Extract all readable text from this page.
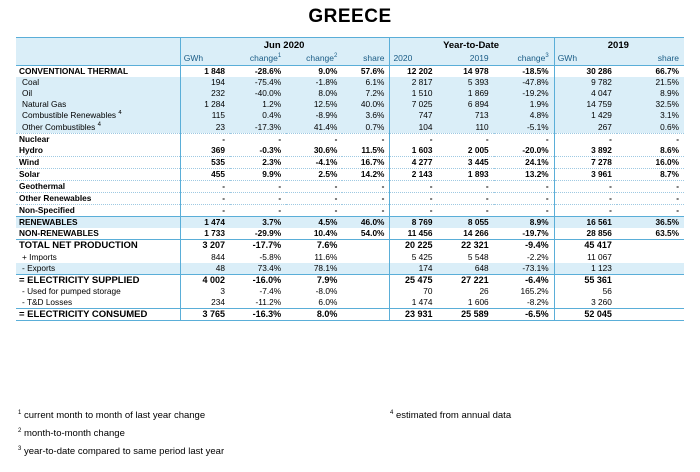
GREECE
	Jun 2020				Year-to-Date			2019	
	GWh	change$^1$	change$^2$	share	2020	2019	change$^3$	GWh	share
CONVENTIONAL THERMAL	1 848	-28.6%	9.0%	57.6%	12 202	14 978	-18.5%	30 286	66.7%
Coal	194	-75.4%	-1.8%	6.1%	2 817	5 393	-47.8%	9 782	21.5%
Oil	232	-40.0%	8.0%	7.2%	1 510	1 869	-19.2%	4 047	8.9%
Natural Gas	1 284	1.2%	12.5%	40.0%	7 025	6 894	1.9%	14 759	32.5%
Combustible Renewables $^4$	115	0.4%	-8.9%	3.6%	747	713	4.8%	1 429	3.1%
Other Combustibles $^4$	23	-17.3%	41.4%	0.7%	104	110	-5.1%	267	0.6%
Nuclear	-	-	-	-	-	-	-	-	-
Hydro	369	-0.3%	30.6%	11.5%	1 603	2 005	-20.0%	3 892	8.6%
Wind	535	2.3%	-4.1%	16.7%	4 277	3 445	24.1%	7 278	16.0%
Solar	455	9.9%	2.5%	14.2%	2 143	1 893	13.2%	3 961	8.7%
Geothermal	-	-	-	-	-	-	-	-	-
Other Renewables	-	-	-	-	-	-	-	-	-
Non-Specified	-	-	-	-	-	-	-	-	-
RENEWABLES	1 474	3.7%	4.5%	46.0%	8 769	8 055	8.9%	16 561	36.5%
NON-RENEWABLES	1 733	-29.9%	10.4%	54.0%	11 456	14 266	-19.7%	28 856	63.5%
TOTAL NET PRODUCTION	3 207	-17.7%	7.6%		20 225	22 321	-9.4%	45 417	
+ Imports	844	-5.8%	11.6%		5 425	5 548	-2.2%	11 067	
- Exports	48	73.4%	78.1%		174	648	-73.1%	1 123	
= ELECTRICITY SUPPLIED	4 002	-16.0%	7.9%		25 475	27 221	-6.4%	55 361	
- Used for pumped storage	3	-7.4%	-8.0%		70	26	165.2%	56	
- T&D Losses	234	-11.2%	6.0%		1 474	1 606	-8.2%	3 260	
= ELECTRICITY CONSUMED	3 765	-16.3%	8.0%		23 931	25 589	-6.5%	52 045	
$^1$ current month to month of last year change
$^2$ month-to-month change
$^3$ year-to-date compared to same period last year
$^4$ estimated from annual data
